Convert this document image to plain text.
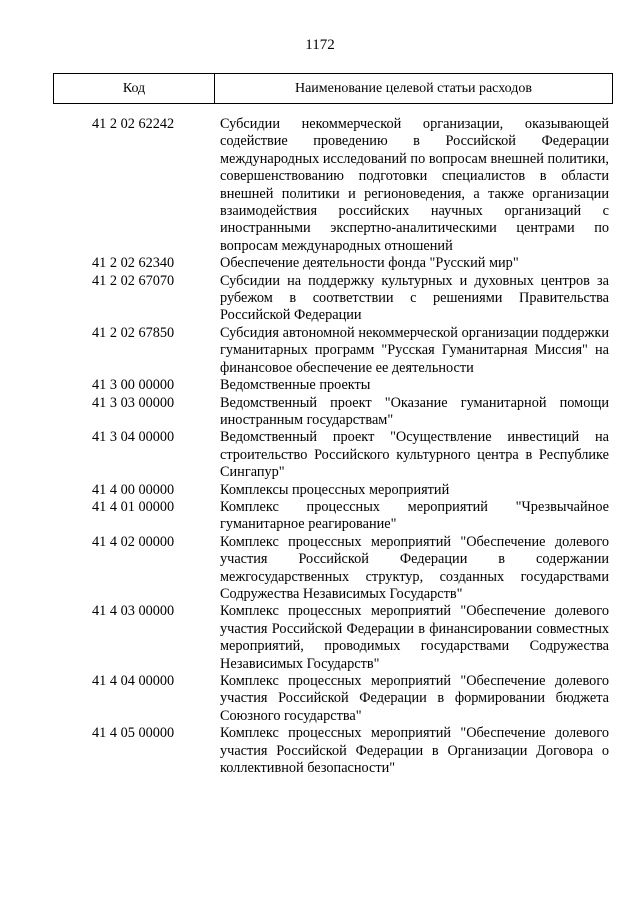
1172
Код	Наименование целевой статьи расходов
41 2 02 62242	Субсидии некоммерческой организации, оказывающей содействие проведению в Российской Федерации международных исследований по вопросам внешней политики, совершенствованию подготовки специалистов в области внешней политики и регионоведения, а также организации взаимодействия российских научных организаций с иностранными экспертно-аналитическими центрами по вопросам международных отношений
41 2 02 62340	Обеспечение деятельности фонда "Русский мир"
41 2 02 67070	Субсидии на поддержку культурных и духовных центров за рубежом в соответствии с решениями Правительства Российской Федерации
41 2 02 67850	Субсидия автономной некоммерческой организации поддержки гуманитарных программ "Русская Гуманитарная Миссия" на финансовое обеспечение ее деятельности
41 3 00 00000	Ведомственные проекты
41 3 03 00000	Ведомственный проект "Оказание гуманитарной помощи иностранным государствам"
41 3 04 00000	Ведомственный проект "Осуществление инвестиций на строительство Российского культурного центра в Республике Сингапур"
41 4 00 00000	Комплексы процессных мероприятий
41 4 01 00000	Комплекс процессных мероприятий "Чрезвычайное гуманитарное реагирование"
41 4 02 00000	Комплекс процессных мероприятий "Обеспечение долевого участия Российской Федерации в содержании межгосударственных структур, созданных государствами Содружества Независимых Государств"
41 4 03 00000	Комплекс процессных мероприятий "Обеспечение долевого участия Российской Федерации в финансировании совместных мероприятий, проводимых государствами Содружества Независимых Государств"
41 4 04 00000	Комплекс процессных мероприятий "Обеспечение долевого участия Российской Федерации в формировании бюджета Союзного государства"
41 4 05 00000	Комплекс процессных мероприятий "Обеспечение долевого участия Российской Федерации в Организации Договора о коллективной безопасности"
